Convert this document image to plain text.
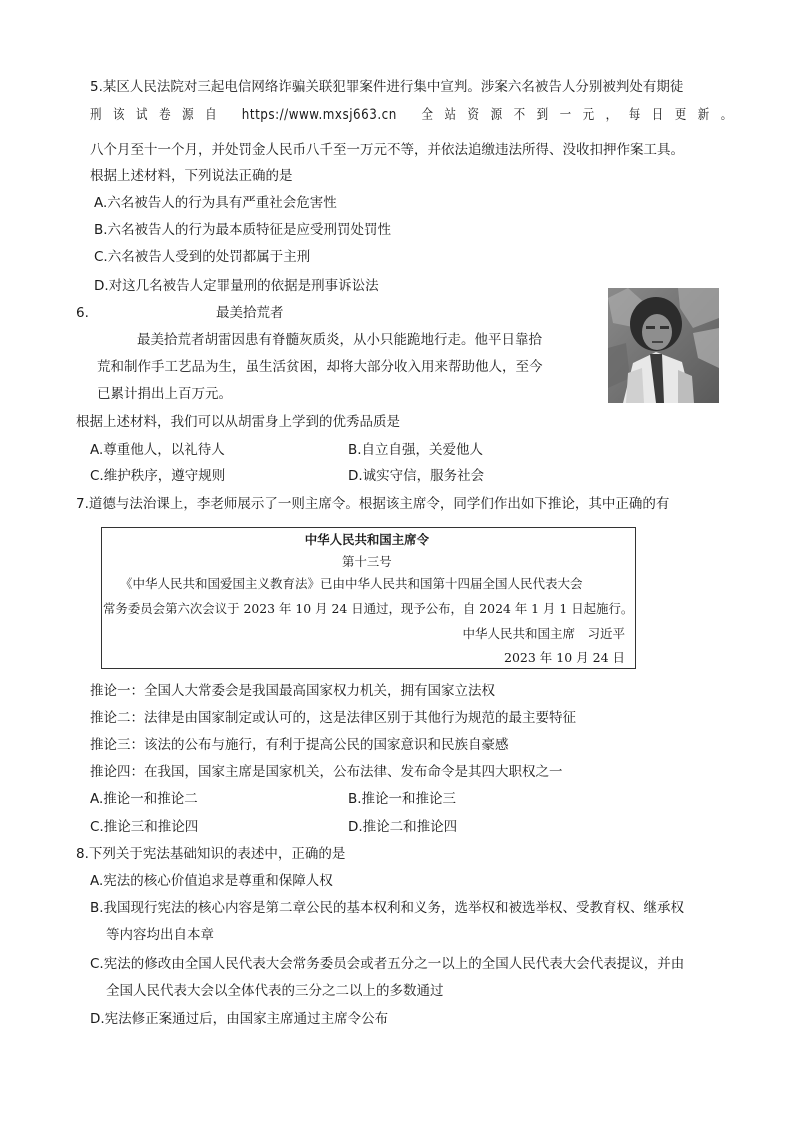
5.某区人民法院对三起电信网络诈骗关联犯罪案件进行集中宣判。涉案六名被告人分别被判处有期徒
刑 该 试 卷 源 自 https://www.mxsj663.cn 全 站 资 源 不 到 一 元 ， 每 日 更 新 。
八个月至十一个月，并处罚金人民币八千至一万元不等，并依法追缴违法所得、没收扣押作案工具。
根据上述材料，下列说法正确的是
A.六名被告人的行为具有严重社会危害性
B.六名被告人的行为最本质特征是应受刑罚处罚性
C.六名被告人受到的处罚都属于主刑
D.对这几名被告人定罪量刑的依据是刑事诉讼法
6.	最美拾荒者
最美拾荒者胡雷因患有脊髓灰质炎，从小只能跪地行走。他平日靠拾
荒和制作手工艺品为生，虽生活贫困，却将大部分收入用来帮助他人，至今
已累计捐出上百万元。
根据上述材料，我们可以从胡雷身上学到的优秀品质是
A.尊重他人，以礼待人	B.自立自强，关爱他人
C.维护秩序，遵守规则	D.诚实守信，服务社会
7.道德与法治课上，李老师展示了一则主席令。根据该主席令，同学们作出如下推论，其中正确的有
中华人民共和国主席令
第十三号
《中华人民共和国爱国主义教育法》已由中华人民共和国第十四届全国人民代表大会
常务委员会第六次会议于 2023 年 10 月 24 日通过，现予公布，自 2024 年 1 月 1 日起施行。
中华人民共和国主席　习近平
2023 年 10 月 24 日
推论一：全国人大常委会是我国最高国家权力机关，拥有国家立法权
推论二：法律是由国家制定或认可的，这是法律区别于其他行为规范的最主要特征
推论三：该法的公布与施行，有利于提高公民的国家意识和民族自豪感
推论四：在我国，国家主席是国家机关，公布法律、发布命令是其四大职权之一
A.推论一和推论二	B.推论一和推论三
C.推论三和推论四	D.推论二和推论四
8.下列关于宪法基础知识的表述中，正确的是
A.宪法的核心价值追求是尊重和保障人权
B.我国现行宪法的核心内容是第二章公民的基本权利和义务，选举权和被选举权、受教育权、继承权
等内容均出自本章
C.宪法的修改由全国人民代表大会常务委员会或者五分之一以上的全国人民代表大会代表提议，并由
全国人民代表大会以全体代表的三分之二以上的多数通过
D.宪法修正案通过后，由国家主席通过主席令公布
